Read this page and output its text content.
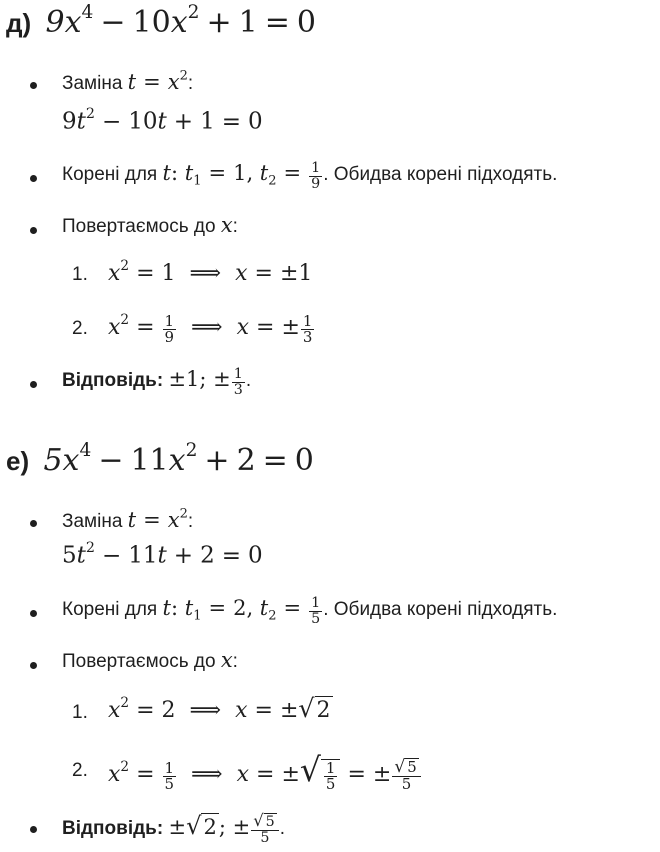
д) $9x^4 - 10x^2 + 1 = 0$
Заміна $t = x^2$:
$9t^2 - 10t + 1 = 0$
Корені для t: $t_1 = 1$, $t_2 = \frac{1}{9}$ . Обидва корені підходять.
Повертаємось до x:
1. $x^2 = 1$ ⟹ x = ±1
2. $x^2 = \frac{1}{9}$ ⟹ x = ± $\frac{1}{3}$
Відповідь: ±1; ± $\frac{1}{3}$ .
е) $5x^4 - 11x^2 + 2 = 0$
Заміна $t = x^2$:
$5t^2 - 11t + 2 = 0$
Корені для t: $t_1 = 2$, $t_2 = \frac{1}{5}$ . Обидва корені підходять.
Повертаємось до x:
1. $x^2 = 2$ ⟹ x = ±√2
2. $x^2 = \frac{1}{5}$ ⟹ x = ±√ $\frac{1}{5}$ = ± $\frac{√ 5}{5}$
Відповідь: ±√2; ± $\frac{√ 5}{5}$ .
